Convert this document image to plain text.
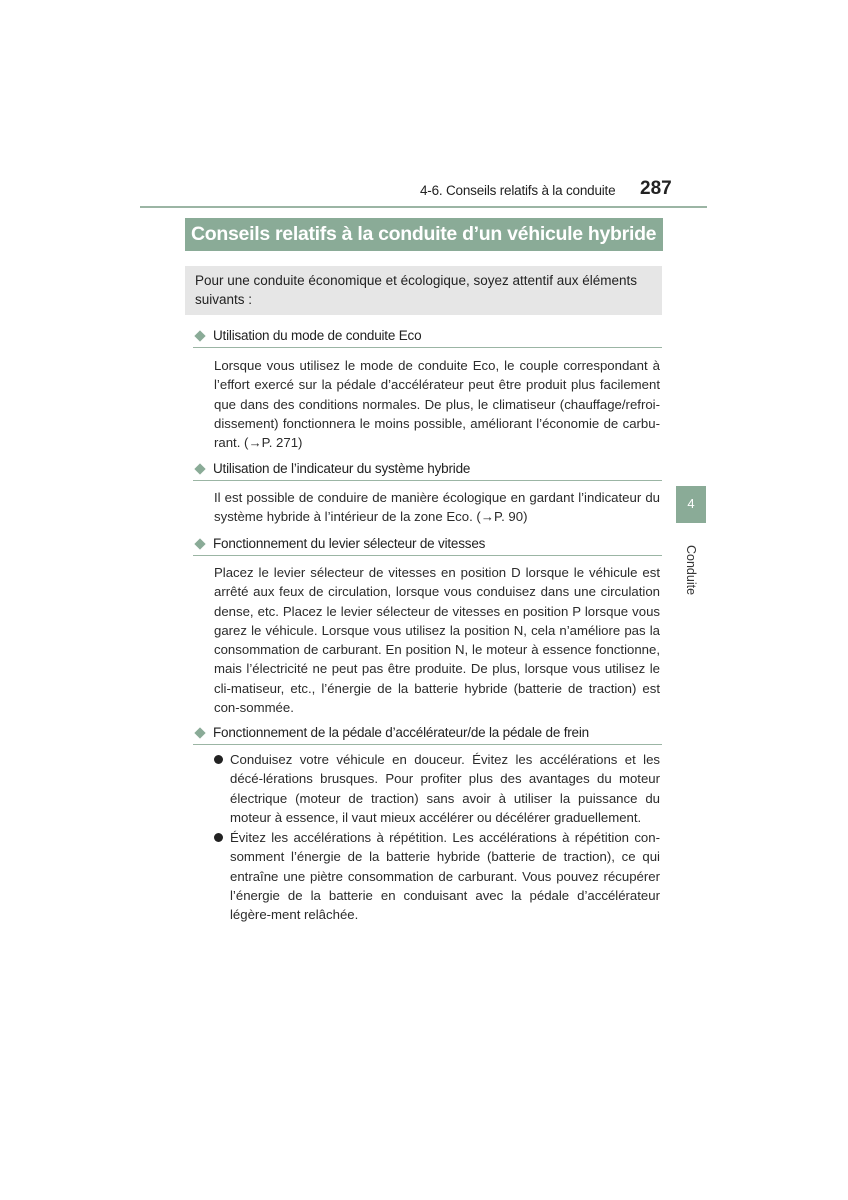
4-6. Conseils relatifs à la conduite 287
Conseils relatifs à la conduite d’un véhicule hybride
Pour une conduite économique et écologique, soyez attentif aux éléments suivants :
Utilisation du mode de conduite Eco

Lorsque vous utilisez le mode de conduite Eco, le couple correspondant à l’effort exercé sur la pédale d’accélérateur peut être produit plus facilement que dans des conditions normales. De plus, le climatiseur (chauffage/refroi-dissement) fonctionnera le moins possible, améliorant l’économie de carbu-rant. (→P. 271)

Utilisation de l’indicateur du système hybride

Il est possible de conduire de manière écologique en gardant l’indicateur du système hybride à l’intérieur de la zone Eco. (→P. 90)

Fonctionnement du levier sélecteur de vitesses

Placez le levier sélecteur de vitesses en position D lorsque le véhicule est arrêté aux feux de circulation, lorsque vous conduisez dans une circulation dense, etc. Placez le levier sélecteur de vitesses en position P lorsque vous garez le véhicule. Lorsque vous utilisez la position N, cela n’améliore pas la consommation de carburant. En position N, le moteur à essence fonctionne, mais l’électricité ne peut pas être produite. De plus, lorsque vous utilisez le cli-matiseur, etc., l’énergie de la batterie hybride (batterie de traction) est con-sommée.

Fonctionnement de la pédale d’accélérateur/de la pédale de frein

Conduisez votre véhicule en douceur. Évitez les accélérations et les décé-lérations brusques. Pour profiter plus des avantages du moteur électrique (moteur de traction) sans avoir à utiliser la puissance du moteur à essence, il vaut mieux accélérer ou décélérer graduellement.

Évitez les accélérations à répétition. Les accélérations à répétition con-somment l’énergie de la batterie hybride (batterie de traction), ce qui entraîne une piètre consommation de carburant. Vous pouvez récupérer l’énergie de la batterie en conduisant avec la pédale d’accélérateur légère-ment relâchée.

4
Conduite
